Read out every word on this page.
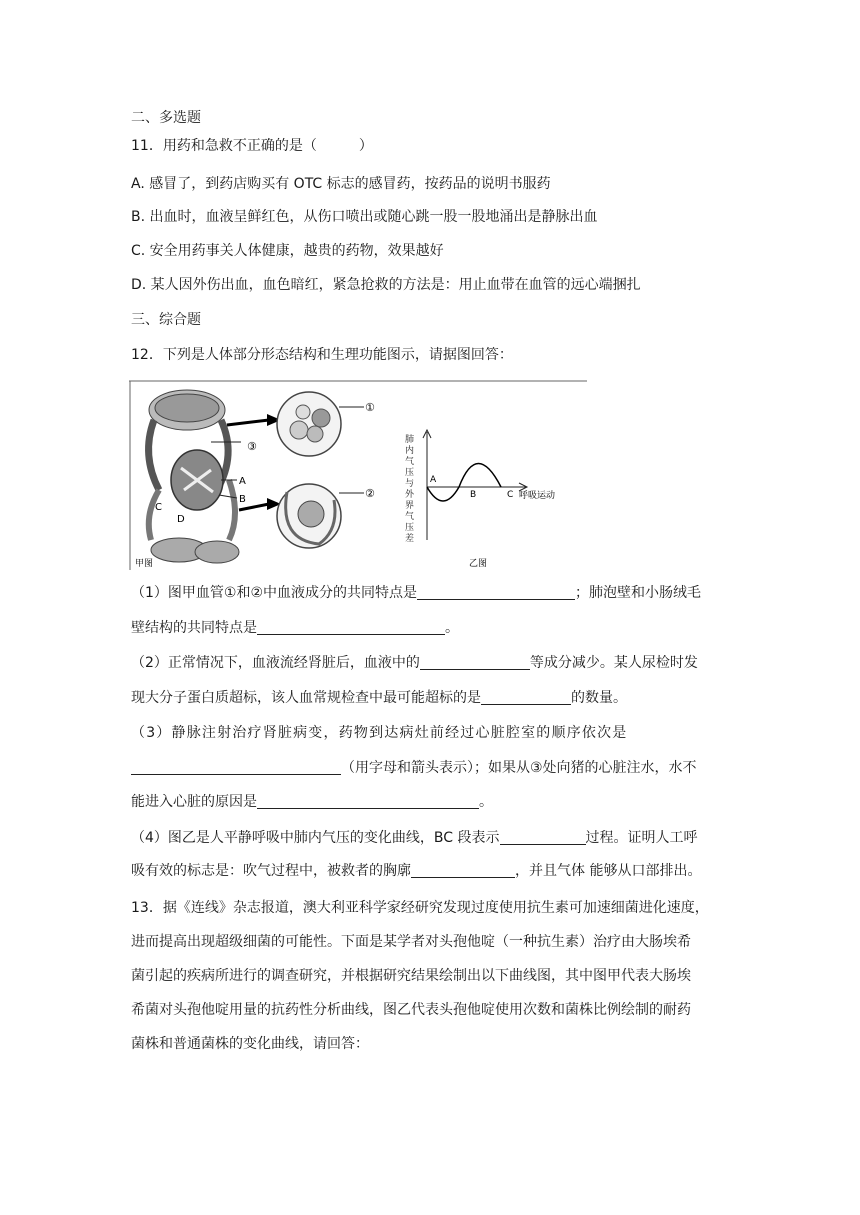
二、多选题
11．用药和急救不正确的是（　　　）
A. 感冒了，到药店购买有 OTC 标志的感冒药，按药品的说明书服药
B. 出血时，血液呈鲜红色，从伤口喷出或随心跳一股一股地涌出是静脉出血
C. 安全用药事关人体健康，越贵的药物，效果越好
D. 某人因外伤出血，血色暗红，紧急抢救的方法是：用止血带在血管的远心端捆扎
三、综合题
12．下列是人体部分形态结构和生理功能图示，请据图回答：
③
A
B
C
D
甲图
①
②
肺内气压 与外界气 压差
A
B	C 呼吸运动
乙图
（1）图甲血管①和②中血液成分的共同特点是	；肺泡壁和小肠绒毛
壁结构的共同特点是	。
（2）正常情况下，血液流经肾脏后，血液中的	等成分减少。某人尿检时发
现大分子蛋白质超标，该人血常规检查中最可能超标的是	的数量。
（3）静脉注射治疗肾脏病变，药物到达病灶前经过心脏腔室的顺序依次是
（用字母和箭头表示）；如果从③处向猪的心脏注水，水不
能进入心脏的原因是	。
（4）图乙是人平静呼吸中肺内气压的变化曲线，BC 段表示	过程。证明人工呼
吸有效的标志是：吹气过程中，被救者的胸廓	，并且气体 能够从口部排出。
13．据《连线》杂志报道，澳大利亚科学家经研究发现过度使用抗生素可加速细菌进化速度，
进而提高出现超级细菌的可能性。下面是某学者对头孢他啶（一种抗生素）治疗由大肠埃希
菌引起的疾病所进行的调查研究，并根据研究结果绘制出以下曲线图，其中图甲代表大肠埃
希菌对头孢他啶用量的抗药性分析曲线，图乙代表头孢他啶使用次数和菌株比例绘制的耐药
菌株和普通菌株的变化曲线，请回答：
